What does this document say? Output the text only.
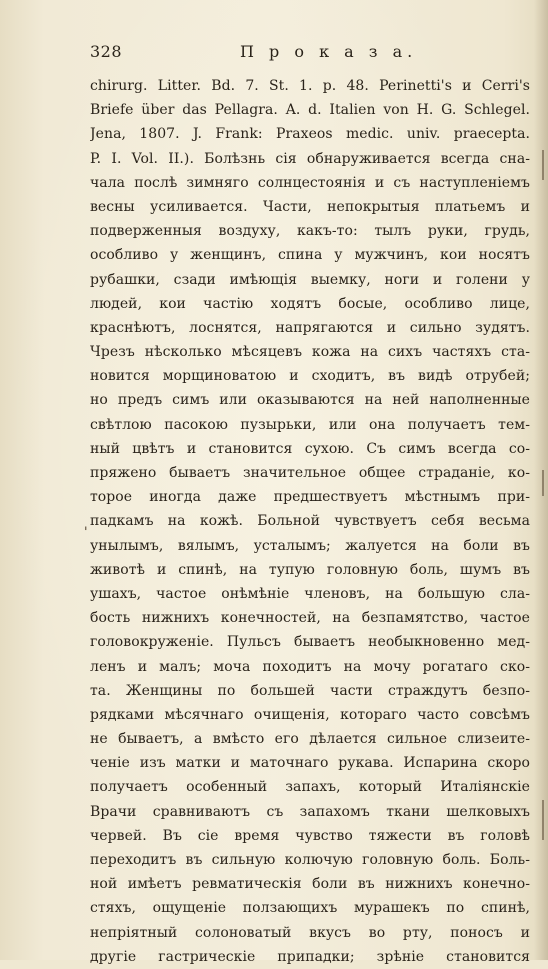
328	П р о к а з а.
'
chirurg. Litter. Bd. 7. St. 1. p. 48. Perinetti's и Cerri's
Briefe über das Pellagra. A. d. Italien von H. G. Schlegel.
Jena, 1807. J. Frank: Praxeos medic. univ. praecepta.
P. I. Vol. II.). Болѣзнь сія обнаруживается всегда сна-
чала послѣ зимняго солнцестоянія и съ наступленіемъ
весны усиливается. Части, непокрытыя платьемъ и
подверженныя воздуху, какъ-то: тылъ руки, грудь,
особливо у женщинъ, спина у мужчинъ, кои носятъ
рубашки, сзади имѣющія выемку, ноги и голени у
людей, кои частію ходятъ босые, особливо лице,
краснѣютъ, лоснятся, напрягаются и сильно зудятъ.
Чрезъ нѣсколько мѣсяцевъ кожа на сихъ частяхъ ста-
новится морщиноватою и сходитъ, въ видѣ отрубей;
но предъ симъ или оказываются на ней наполненные
свѣтлою пасокою пузырьки, или она получаетъ тем-
ный цвѣтъ и становится сухою. Съ симъ всегда со-
пряжено бываетъ значительное общее страданіе, ко-
торое иногда даже предшествуетъ мѣстнымъ при-
падкамъ на кожѣ. Больной чувствуетъ себя весьма
унылымъ, вялымъ, усталымъ; жалуется на боли въ
животѣ и спинѣ, на тупую головную боль, шумъ въ
ушахъ, частое онѣмѣніе членовъ, на большую сла-
бость нижнихъ конечностей, на безпамятство, частое
головокруженіе. Пульсъ бываетъ необыкновенно мед-
ленъ и малъ; моча походитъ на мочу рогатаго ско-
та. Женщины по большей части страждутъ безпо-
рядками мѣсячнаго очищенія, котораго часто совсѣмъ
не бываетъ, а вмѣсто его дѣлается сильное слизеите-
ченіе изъ матки и маточнаго рукава. Испарина скоро
получаетъ особенный запахъ, который Италіянскіе
Врачи сравниваютъ съ запахомъ ткани шелковыхъ
червей. Въ сіе время чувство тяжести въ головѣ
переходитъ въ сильную колючую головную боль. Боль-
ной имѣетъ ревматическія боли въ нижнихъ конечно-
стяхъ, ощущеніе ползающихъ мурашекъ по спинѣ,
непріятный солоноватый вкусъ во рту, поносъ и
другіе гастрическіе припадки; зрѣніе становится
